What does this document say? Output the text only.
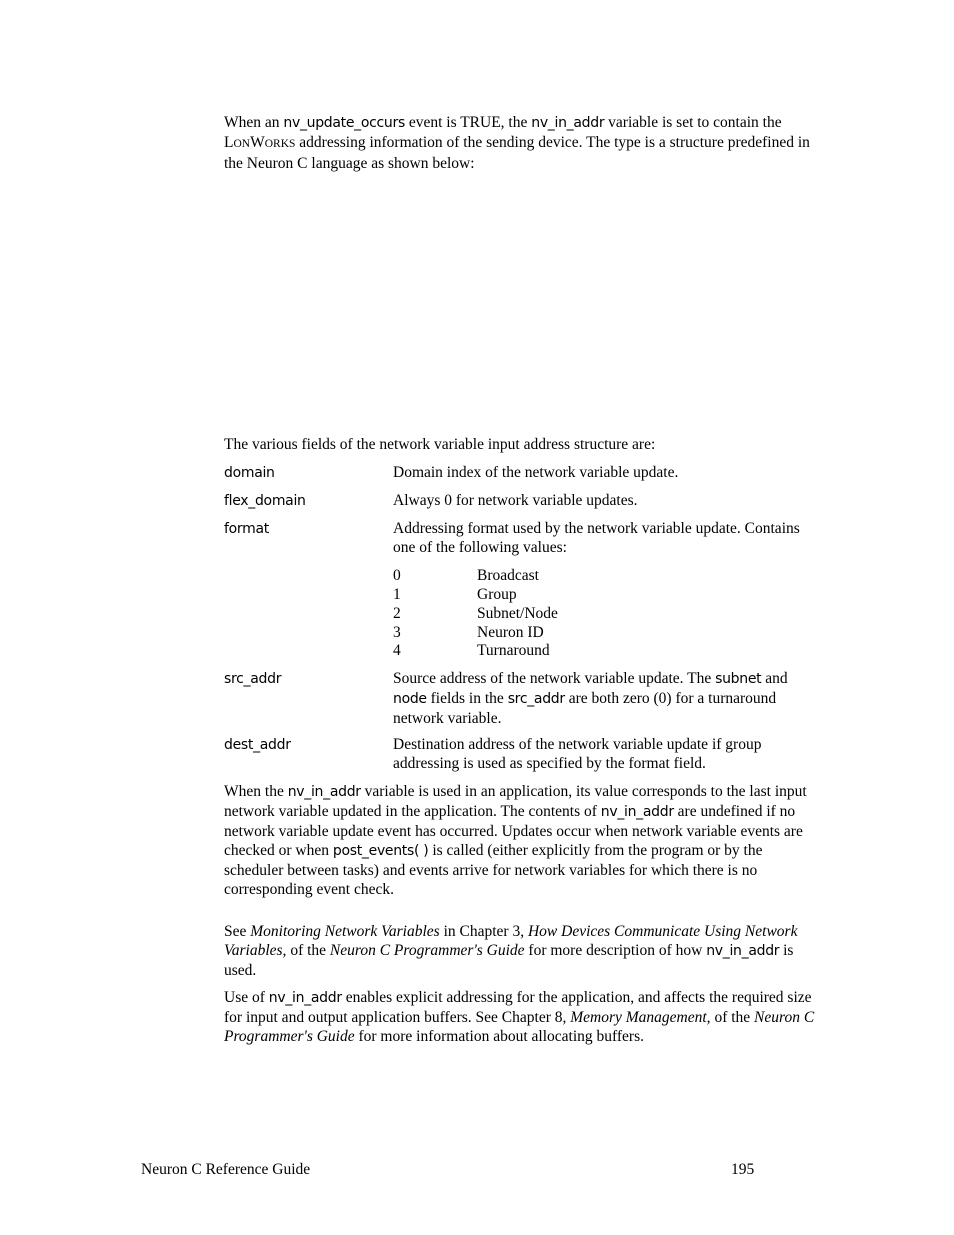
When an nv_update_occurs event is TRUE, the nv_in_addr variable is set to contain the LONWORKS addressing information of the sending device. The type is a structure predefined in the Neuron C language as shown below:

The various fields of the network variable input address structure are:

domain	Domain index of the network variable update.

flex_domain	Always 0 for network variable updates.

format	Addressing format used by the network variable update. Contains one of the following values:

0	Broadcast
1	Group
2	Subnet/Node
3	Neuron ID
4	Turnaround
src_addr	Source address of the network variable update. The subnet and node fields in the src_addr are both zero (0) for a turnaround network variable.

dest_addr	Destination address of the network variable update if group addressing is used as specified by the format field.

When the nv_in_addr variable is used in an application, its value corresponds to the last input network variable updated in the application. The contents of nv_in_addr are undefined if no network variable update event has occurred. Updates occur when network variable events are checked or when post_events( ) is called (either explicitly from the program or by the scheduler between tasks) and events arrive for network variables for which there is no corresponding event check.

See Monitoring Network Variables in Chapter 3, How Devices Communicate Using Network Variables, of the Neuron C Programmer's Guide for more description of how nv_in_addr is used.

Use of nv_in_addr enables explicit addressing for the application, and affects the required size for input and output application buffers. See Chapter 8, Memory Management, of the Neuron C Programmer's Guide for more information about allocating buffers.

Neuron C Reference Guide	195
